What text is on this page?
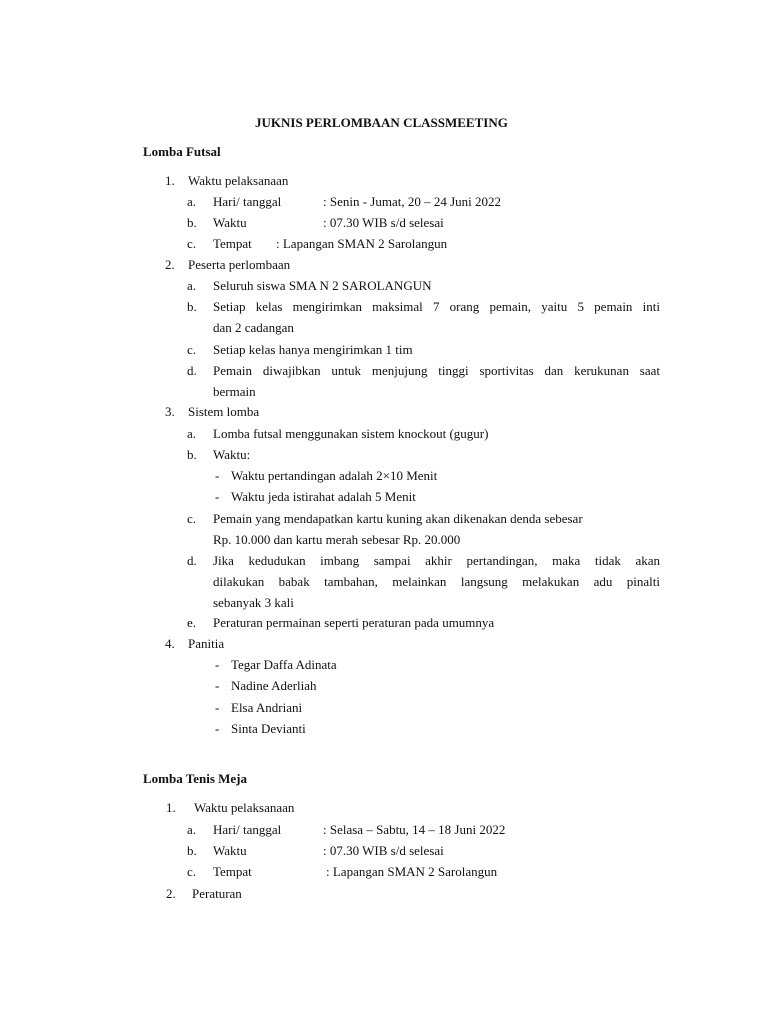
JUKNIS PERLOMBAAN CLASSMEETING
Lomba Futsal
1. Waktu pelaksanaan
a. Hari/ tanggal	: Senin - Jumat, 20 – 24 Juni 2022
b. Waktu	: 07.30 WIB s/d selesai
c. Tempat : Lapangan SMAN 2 Sarolangun
2. Peserta perlombaan
a. Seluruh siswa SMA N 2 SAROLANGUN
b. Setiap kelas mengirimkan maksimal 7 orang pemain, yaitu 5 pemain inti
dan 2 cadangan
c. Setiap kelas hanya mengirimkan 1 tim
d. Pemain diwajibkan untuk menjujung tinggi sportivitas dan kerukunan saat
bermain
3. Sistem lomba
a. Lomba futsal menggunakan sistem knockout (gugur)
b. Waktu:
- Waktu pertandingan adalah 2×10 Menit
- Waktu jeda istirahat adalah 5 Menit
c. Pemain yang mendapatkan kartu kuning akan dikenakan denda sebesar
Rp. 10.000 dan kartu merah sebesar Rp. 20.000
d. Jika kedudukan imbang sampai akhir pertandingan, maka tidak akan
dilakukan babak tambahan, melainkan langsung melakukan adu pinalti
sebanyak 3 kali
e. Peraturan permainan seperti peraturan pada umumnya
4. Panitia
- Tegar Daffa Adinata
- Nadine Aderliah
- Elsa Andriani
- Sinta Devianti
Lomba Tenis Meja
1. Waktu pelaksanaan
a. Hari/ tanggal	: Selasa – Sabtu, 14 – 18 Juni 2022
b. Waktu	: 07.30 WIB s/d selesai
c. Tempat	: Lapangan SMAN 2 Sarolangun
2. Peraturan
